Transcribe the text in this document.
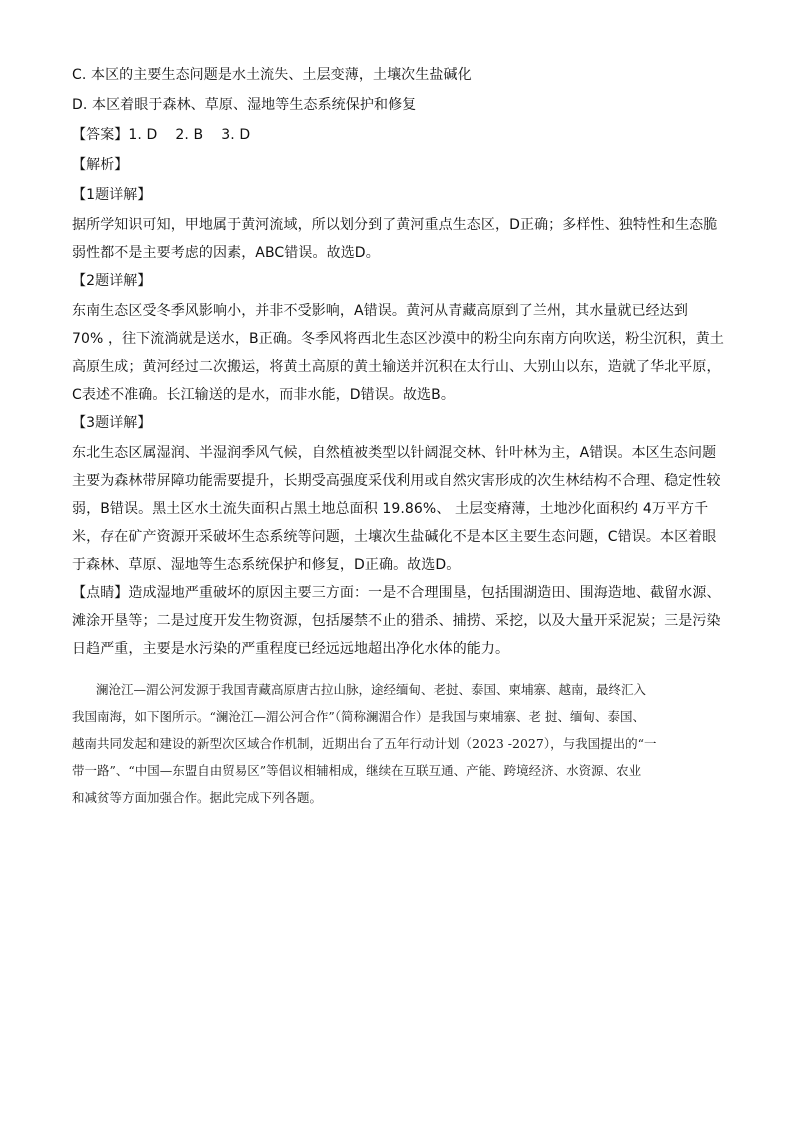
C. 本区的主要生态问题是水土流失、土层变薄，土壤次生盐碱化
D. 本区着眼于森林、草原、湿地等生态系统保护和修复
【答案】1. D 2. B 3. D
【解析】
【1题详解】
据所学知识可知，甲地属于黄河流域，所以划分到了黄河重点生态区，D正确；多样性、独特性和生态脆
弱性都不是主要考虑的因素，ABC错误。故选D。
【2题详解】
东南生态区受冬季风影响小，并非不受影响，A错误。黄河从青藏高原到了兰州，其水量就已经达到
70% ，往下流淌就是送水，B正确。冬季风将西北生态区沙漠中的粉尘向东南方向吹送，粉尘沉积，黄土
高原生成；黄河经过二次搬运，将黄土高原的黄土输送并沉积在太行山、大别山以东，造就了华北平原，
C表述不准确。长江输送的是水，而非水能，D错误。故选B。
【3题详解】
东北生态区属湿润、半湿润季风气候，自然植被类型以针阔混交林、针叶林为主，A错误。本区生态问题
主要为森林带屏障功能需要提升，长期受高强度采伐利用或自然灾害形成的次生林结构不合理、稳定性较
弱，B错误。黑土区水土流失面积占黑土地总面积 19.86%、 土层变瘠薄，土地沙化面积约 4万平方千
米，存在矿产资源开采破坏生态系统等问题，土壤次生盐碱化不是本区主要生态问题，C错误。本区着眼
于森林、草原、湿地等生态系统保护和修复，D正确。故选D。
【点睛】造成湿地严重破坏的原因主要三方面：一是不合理围垦，包括围湖造田、围海造地、截留水源、
滩涂开垦等；二是过度开发生物资源，包括屡禁不止的猎杀、捕捞、采挖，以及大量开采泥炭；三是污染
日趋严重，主要是水污染的严重程度已经远远地超出净化水体的能力。
澜沧江—湄公河发源于我国青藏高原唐古拉山脉，途经缅甸、老挝、泰国、柬埔寨、越南，最终汇入
我国南海，如下图所示。“澜沧江—湄公河合作”（简称澜湄合作）是我国与柬埔寨、老 挝、缅甸、泰国、
越南共同发起和建设的新型次区域合作机制，近期出台了五年行动计划（2023 -2027），与我国提出的“一
带一路”、“中国—东盟自由贸易区”等倡议相辅相成，继续在互联互通、产能、跨境经济、水资源、农业
和减贫等方面加强合作。据此完成下列各题。
